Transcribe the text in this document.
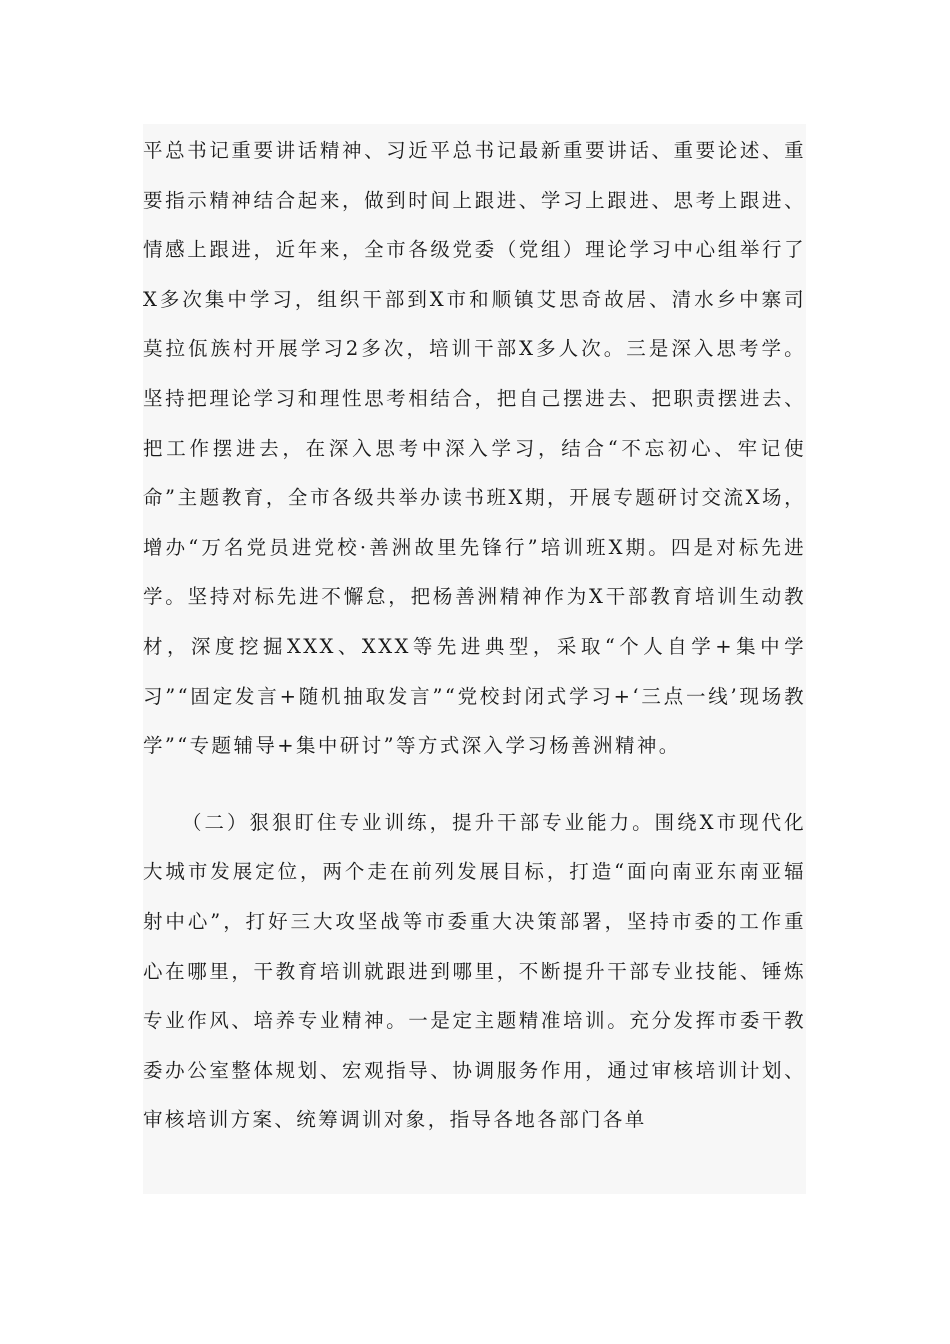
平总书记重要讲话精神、习近平总书记最新重要讲话、重要论述、重要指示精神结合起来，做到时间上跟进、学习上跟进、思考上跟进、情感上跟进，近年来，全市各级党委（党组）理论学习中心组举行了X多次集中学习，组织干部到X市和顺镇艾思奇故居、清水乡中寨司莫拉佤族村开展学习2多次，培训干部X多人次。三是深入思考学。坚持把理论学习和理性思考相结合，把自己摆进去、把职责摆进去、把工作摆进去，在深入思考中深入学习，结合“不忘初心、牢记使命”主题教育，全市各级共举办读书班X期，开展专题研讨交流X场，增办“万名党员进党校·善洲故里先锋行”培训班X期。四是对标先进学。坚持对标先进不懈怠，把杨善洲精神作为X干部教育培训生动教材，深度挖掘XXX、XXX等先进典型，采取“个人自学+集中学习”“固定发言+随机抽取发言”“党校封闭式学习+‘三点一线’现场教学”“专题辅导+集中研讨”等方式深入学习杨善洲精神。

（二）狠狠盯住专业训练，提升干部专业能力。围绕X市现代化大城市发展定位，两个走在前列发展目标，打造“面向南亚东南亚辐射中心”，打好三大攻坚战等市委重大决策部署，坚持市委的工作重心在哪里，干教育培训就跟进到哪里，不断提升干部专业技能、锤炼专业作风、培养专业精神。一是定主题精准培训。充分发挥市委干教委办公室整体规划、宏观指导、协调服务作用，通过审核培训计划、审核培训方案、统筹调训对象，指导各地各部门各单
